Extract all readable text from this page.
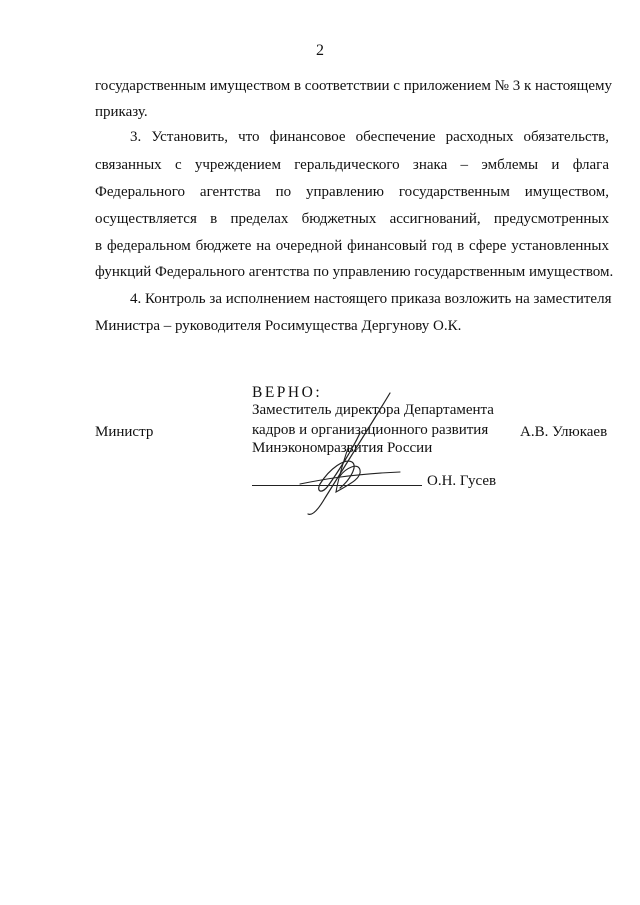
2
государственным имуществом в соответствии с приложением № 3 к настоящему
приказу.
3. Установить, что финансовое обеспечение расходных обязательств,
связанных с учреждением геральдического знака – эмблемы и флага
Федерального агентства по управлению государственным имуществом,
осуществляется в пределах бюджетных ассигнований, предусмотренных
в федеральном бюджете на очередной финансовый год в сфере установленных
функций Федерального агентства по управлению государственным имуществом.
4. Контроль за исполнением настоящего приказа возложить на заместителя
Министра – руководителя Росимущества Дергунову О.К.
ВЕРНО:
Заместитель директора Департамента
кадров и организационного развития
Министр	А.В. Улюкаев
Минэкономразвития России
О.Н. Гусев
